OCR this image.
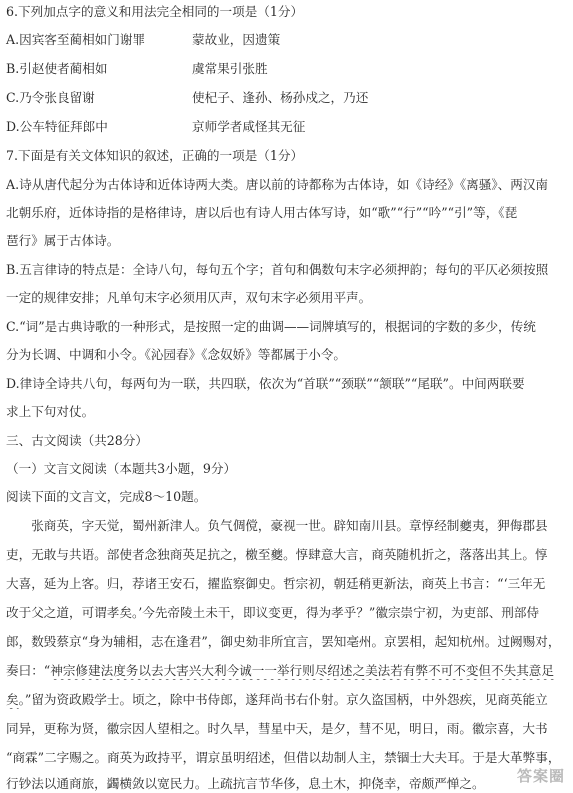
6.下列加点字的意义和用法完全相同的一项是（1分）
A.因宾客至蔺相如门谢罪	蒙故业，因遗策
B.引赵使者蔺相如	虞常果引张胜
C.乃令张良留谢	使杞子、逢孙、杨孙戍之，乃还
D.公车特征拜郎中	京师学者咸怪其无征
7.下面是有关文体知识的叙述，正确的一项是（1分）
A.诗从唐代起分为古体诗和近体诗两大类。唐以前的诗都称为古体诗，如《诗经》《离骚》、两汉南
北朝乐府，近体诗指的是格律诗，唐以后也有诗人用古体写诗，如“歌”“行”“吟”“引”等，《琵
琶行》属于古体诗。
B.五言律诗的特点是：全诗八句，每句五个字；首句和偶数句末字必须押韵；每句的平仄必须按照
一定的规律安排；凡单句末字必须用仄声，双句末字必须用平声。
C.“词”是古典诗歌的一种形式，是按照一定的曲调——词牌填写的，根据词的字数的多少，传统
分为长调、中调和小令。《沁园春》《念奴娇》等都属于小令。
D.律诗全诗共八句，每两句为一联，共四联，依次为“首联”“颈联”“颔联”“尾联”。中间两联要
求上下句对仗。
三、古文阅读（共28分）
（一）文言文阅读（本题共3小题，9分）
阅读下面的文言文，完成8～10题。
　　张商英，字天觉，蜀州新津人。负气倜傥，豪视一世。辟知南川县。章惇经制夔夷，狎侮郡县
吏，无敢与共语。部使者念独商英足抗之，檄至夔。惇肆意大言，商英随机折之，落落出其上。惇
大喜，延为上客。归，荐诸王安石，擢监察御史。哲宗初，朝廷稍更新法，商英上书言：“‘三年无
改于父之道，可谓孝矣。’今先帝陵土未干，即议变更，得为孝乎？”徽宗崇宁初，为吏部、刑部侍
郎，数毁蔡京“身为辅相，志在逢君”，御史劾非所宜言，罢知亳州。京罢相，起知杭州。过阙赐对，
奏曰：“神宗修建法度务以去大害兴大利今诚一一举行则尽绍述之美法若有弊不可不变但不失其意足
矣。”留为资政殿学士。顷之，除中书侍郎，遂拜尚书右仆射。京久盗国柄，中外怨疾，见商英能立
同异，更称为贤，徽宗因人望相之。时久旱，彗星中天，是夕，彗不见，明日，雨。徽宗喜，大书
“商霖”二字赐之。商英为政持平，谓京虽明绍述，但借以劫制人主，禁锢士大夫耳。于是大革弊事，
行钞法以通商旅，蠲横敛以宽民力。上疏抗言节华侈，息土木，抑侥幸，帝颇严惮之。	答案圈
